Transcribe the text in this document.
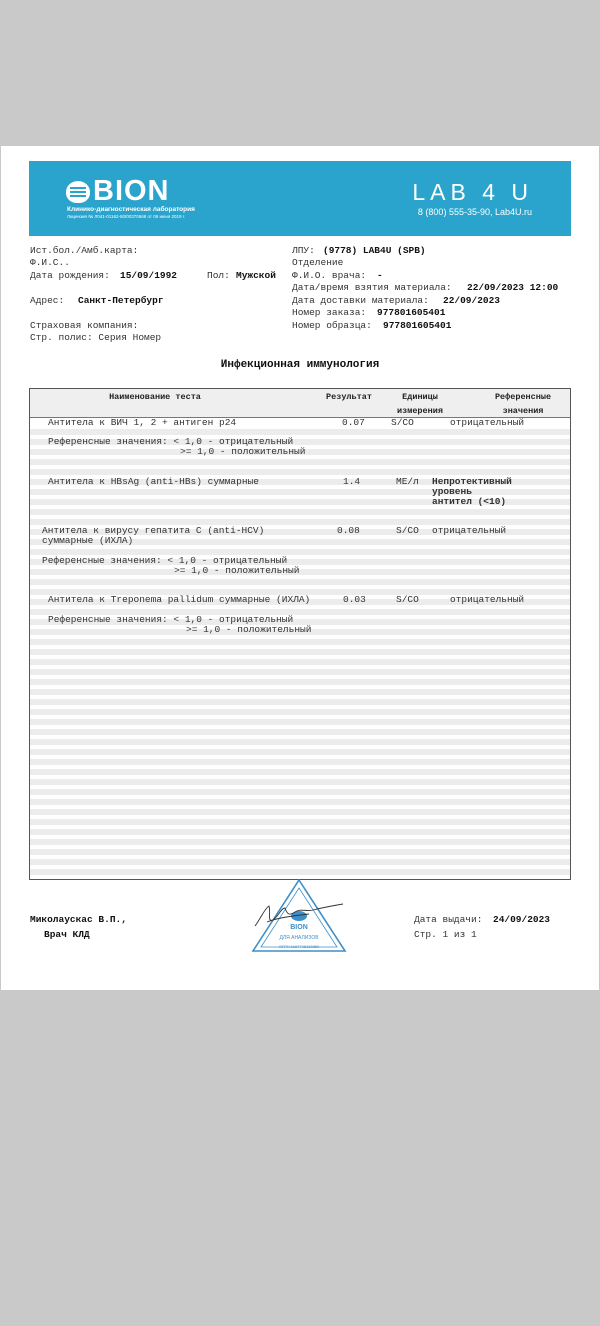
BION
Клинико-диагностическая лаборатория
Лицензия № Л041-01162-50/00370568 от 06 июня 2019 г.
LAB 4 U
8 (800) 555-35-90, Lab4U.ru
Ист.бол./Амб.карта:
Ф.И.С..
Дата рождения: 15/09/1992	Пол: Мужской
Адрес: Санкт-Петербург
Страховая компания:
Стр. полис: Серия Номер
ЛПУ: (9778) LAB4U (SPB)
Отделение
Ф.И.О. врача: -
Дата/время взятия материала: 22/09/2023 12:00
Дата доставки материала: 22/09/2023
Номер заказа: 977801605401
Номер образца: 977801605401
Инфекционная иммунология
Наименование теста	Результат	Единицы
измерения
Референсные
значения
Антитела к ВИЧ 1, 2 + антиген p24	0.07	S/CO	отрицательный
Референсные значения: < 1,0 - отрицательный
>= 1,0 - положительный
Антитела к HBsAg (anti-HBs) суммарные	1.4	МЕ/л Непротективный
уровень
антител (<10)
Антитела к вирусу гепатита С (anti-HCV)
суммарные (ИХЛА)
0.08	S/CO отрицательный
Референсные значения: < 1,0 - отрицательный
>= 1,0 - положительный
Антитела к Treponema pallidum суммарные (ИХЛА)	0.03	S/CO	отрицательный
Референсные значения: < 1,0 - отрицательный
>= 1,0 - положительный
Миколаускас В.П.,
Врач КЛД
Дата выдачи: 24/09/2023
Стр. 1 из 1
BION
ДЛЯ АНАЛИЗОВ
ОГРН 1167746112850
